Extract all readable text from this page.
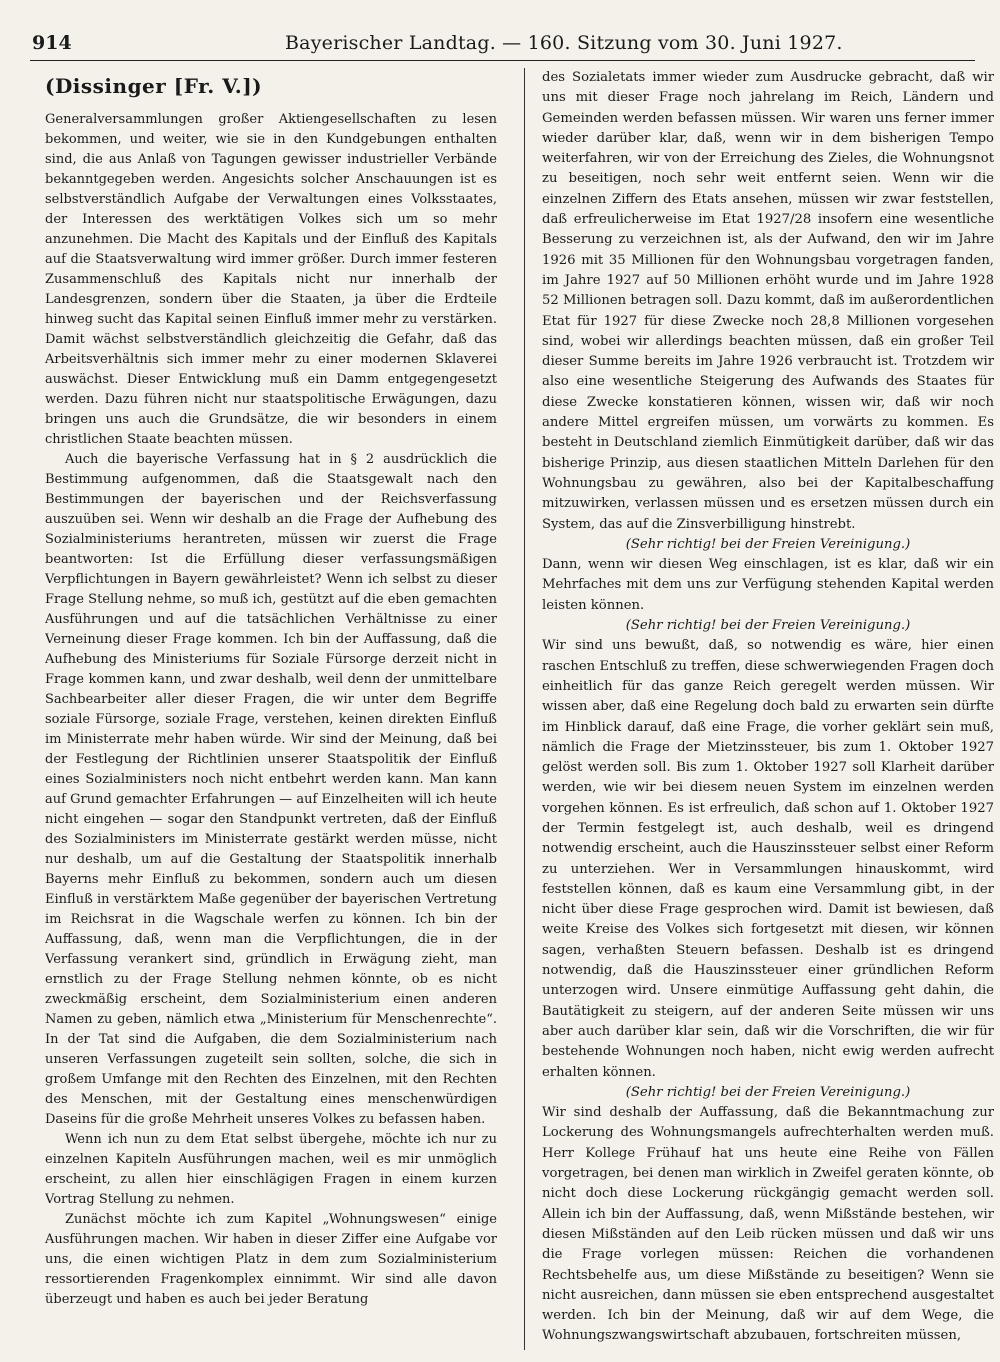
914	Bayerischer Landtag. — 160. Sitzung vom 30. Juni 1927.
(Dissinger [Fr. V.])

Generalversammlungen großer Aktiengesellschaften zu lesen bekommen, und weiter, wie sie in den Kundgebungen enthalten sind, die aus Anlaß von Tagungen gewisser industrieller Verbände bekanntgegeben werden. Angesichts solcher Anschauungen ist es selbstverständlich Aufgabe der Verwaltungen eines Volksstaates, der Interessen des werktätigen Volkes sich um so mehr anzunehmen. Die Macht des Kapitals und der Einfluß des Kapitals auf die Staatsverwaltung wird immer größer. Durch immer festeren Zusammenschluß des Kapitals nicht nur innerhalb der Landesgrenzen, sondern über die Staaten, ja über die Erdteile hinweg sucht das Kapital seinen Einfluß immer mehr zu verstärken. Damit wächst selbstverständlich gleichzeitig die Gefahr, daß das Arbeitsverhältnis sich immer mehr zu einer modernen Sklaverei auswächst. Dieser Entwicklung muß ein Damm entgegengesetzt werden. Dazu führen nicht nur staatspolitische Erwägungen, dazu bringen uns auch die Grundsätze, die wir besonders in einem christlichen Staate beachten müssen.

Auch die bayerische Verfassung hat in § 2 ausdrücklich die Bestimmung aufgenommen, daß die Staatsgewalt nach den Bestimmungen der bayerischen und der Reichsverfassung auszuüben sei. Wenn wir deshalb an die Frage der Aufhebung des Sozialministeriums herantreten, müssen wir zuerst die Frage beantworten: Ist die Erfüllung dieser verfassungsmäßigen Verpflichtungen in Bayern gewährleistet? Wenn ich selbst zu dieser Frage Stellung nehme, so muß ich, gestützt auf die eben gemachten Ausführungen und auf die tatsächlichen Verhältnisse zu einer Verneinung dieser Frage kommen. Ich bin der Auffassung, daß die Aufhebung des Ministeriums für Soziale Fürsorge derzeit nicht in Frage kommen kann, und zwar deshalb, weil denn der unmittelbare Sachbearbeiter aller dieser Fragen, die wir unter dem Begriffe soziale Fürsorge, soziale Frage, verstehen, keinen direkten Einfluß im Ministerrate mehr haben würde. Wir sind der Meinung, daß bei der Festlegung der Richtlinien unserer Staatspolitik der Einfluß eines Sozialministers noch nicht entbehrt werden kann. Man kann auf Grund gemachter Erfahrungen — auf Einzelheiten will ich heute nicht eingehen — sogar den Standpunkt vertreten, daß der Einfluß des Sozialministers im Ministerrate gestärkt werden müsse, nicht nur deshalb, um auf die Gestaltung der Staatspolitik innerhalb Bayerns mehr Einfluß zu bekommen, sondern auch um diesen Einfluß in verstärktem Maße gegenüber der bayerischen Vertretung im Reichsrat in die Wagschale werfen zu können. Ich bin der Auffassung, daß, wenn man die Verpflichtungen, die in der Verfassung verankert sind, gründlich in Erwägung zieht, man ernstlich zu der Frage Stellung nehmen könnte, ob es nicht zweckmäßig erscheint, dem Sozialministerium einen anderen Namen zu geben, nämlich etwa „Ministerium für Menschenrechte“. In der Tat sind die Aufgaben, die dem Sozialministerium nach unseren Verfassungen zugeteilt sein sollten, solche, die sich in großem Umfange mit den Rechten des Einzelnen, mit den Rechten des Menschen, mit der Gestaltung eines menschenwürdigen Daseins für die große Mehrheit unseres Volkes zu befassen haben.

Wenn ich nun zu dem Etat selbst übergehe, möchte ich nur zu einzelnen Kapiteln Ausführungen machen, weil es mir unmöglich erscheint, zu allen hier einschlägigen Fragen in einem kurzen Vortrag Stellung zu nehmen.

Zunächst möchte ich zum Kapitel „Wohnungswesen“ einige Ausführungen machen. Wir haben in dieser Ziffer eine Aufgabe vor uns, die einen wichtigen Platz in dem zum Sozialministerium ressortierenden Fragenkomplex einnimmt. Wir sind alle davon überzeugt und haben es auch bei jeder Beratung

des Sozialetats immer wieder zum Ausdrucke gebracht, daß wir uns mit dieser Frage noch jahrelang im Reich, Ländern und Gemeinden werden befassen müssen. Wir waren uns ferner immer wieder darüber klar, daß, wenn wir in dem bisherigen Tempo weiterfahren, wir von der Erreichung des Zieles, die Wohnungsnot zu beseitigen, noch sehr weit entfernt seien. Wenn wir die einzelnen Ziffern des Etats ansehen, müssen wir zwar feststellen, daß erfreulicherweise im Etat 1927/28 insofern eine wesentliche Besserung zu verzeichnen ist, als der Aufwand, den wir im Jahre 1926 mit 35 Millionen für den Wohnungsbau vorgetragen fanden, im Jahre 1927 auf 50 Millionen erhöht wurde und im Jahre 1928 52 Millionen betragen soll. Dazu kommt, daß im außerordentlichen Etat für 1927 für diese Zwecke noch 28,8 Millionen vorgesehen sind, wobei wir allerdings beachten müssen, daß ein großer Teil dieser Summe bereits im Jahre 1926 verbraucht ist. Trotzdem wir also eine wesentliche Steigerung des Aufwands des Staates für diese Zwecke konstatieren können, wissen wir, daß wir noch andere Mittel ergreifen müssen, um vorwärts zu kommen. Es besteht in Deutschland ziemlich Einmütigkeit darüber, daß wir das bisherige Prinzip, aus diesen staatlichen Mitteln Darlehen für den Wohnungsbau zu gewähren, also bei der Kapitalbeschaffung mitzuwirken, verlassen müssen und es ersetzen müssen durch ein System, das auf die Zinsverbilligung hinstrebt.

(Sehr richtig! bei der Freien Vereinigung.)

Dann, wenn wir diesen Weg einschlagen, ist es klar, daß wir ein Mehrfaches mit dem uns zur Verfügung stehenden Kapital werden leisten können.

(Sehr richtig! bei der Freien Vereinigung.)

Wir sind uns bewußt, daß, so notwendig es wäre, hier einen raschen Entschluß zu treffen, diese schwerwiegenden Fragen doch einheitlich für das ganze Reich geregelt werden müssen. Wir wissen aber, daß eine Regelung doch bald zu erwarten sein dürfte im Hinblick darauf, daß eine Frage, die vorher geklärt sein muß, nämlich die Frage der Mietzinssteuer, bis zum 1. Oktober 1927 gelöst werden soll. Bis zum 1. Oktober 1927 soll Klarheit darüber werden, wie wir bei diesem neuen System im einzelnen werden vorgehen können. Es ist erfreulich, daß schon auf 1. Oktober 1927 der Termin festgelegt ist, auch deshalb, weil es dringend notwendig erscheint, auch die Hauszinssteuer selbst einer Reform zu unterziehen. Wer in Versammlungen hinauskommt, wird feststellen können, daß es kaum eine Versammlung gibt, in der nicht über diese Frage gesprochen wird. Damit ist bewiesen, daß weite Kreise des Volkes sich fortgesetzt mit diesen, wir können sagen, verhaßten Steuern befassen. Deshalb ist es dringend notwendig, daß die Hauszinssteuer einer gründlichen Reform unterzogen wird. Unsere einmütige Auffassung geht dahin, die Bautätigkeit zu steigern, auf der anderen Seite müssen wir uns aber auch darüber klar sein, daß wir die Vorschriften, die wir für bestehende Wohnungen noch haben, nicht ewig werden aufrecht erhalten können.

(Sehr richtig! bei der Freien Vereinigung.)

Wir sind deshalb der Auffassung, daß die Bekanntmachung zur Lockerung des Wohnungsmangels aufrechterhalten werden muß. Herr Kollege Frühauf hat uns heute eine Reihe von Fällen vorgetragen, bei denen man wirklich in Zweifel geraten könnte, ob nicht doch diese Lockerung rückgängig gemacht werden soll. Allein ich bin der Auffassung, daß, wenn Mißstände bestehen, wir diesen Mißständen auf den Leib rücken müssen und daß wir uns die Frage vorlegen müssen: Reichen die vorhandenen Rechtsbehelfe aus, um diese Mißstände zu beseitigen? Wenn sie nicht ausreichen, dann müssen sie eben entsprechend ausgestaltet werden. Ich bin der Meinung, daß wir auf dem Wege, die Wohnungszwangswirtschaft abzubauen, fortschreiten müssen,
